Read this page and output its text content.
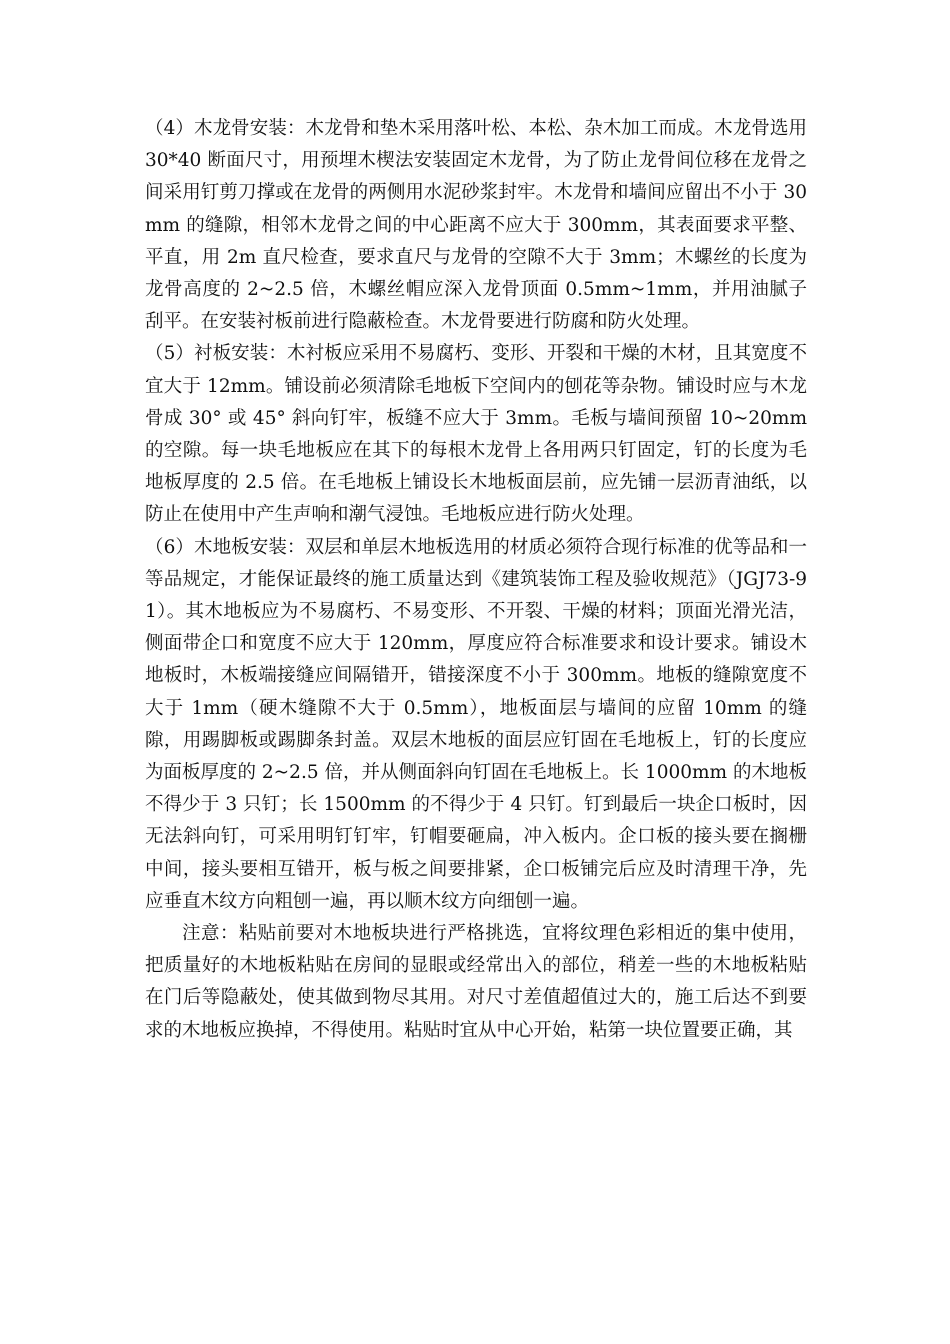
（4）木龙骨安装：木龙骨和垫木采用落叶松、本松、杂木加工而成。木龙骨选用 30*40 断面尺寸，用预埋木楔法安装固定木龙骨，为了防止龙骨间位移在龙骨之间采用钉剪刀撑或在龙骨的两侧用水泥砂浆封牢。木龙骨和墙间应留出不小于 30mm 的缝隙，相邻木龙骨之间的中心距离不应大于 300mm，其表面要求平整、平直，用 2m 直尺检查，要求直尺与龙骨的空隙不大于 3mm；木螺丝的长度为龙骨高度的 2~2.5 倍，木螺丝帽应深入龙骨顶面 0.5mm~1mm，并用油腻子刮平。在安装衬板前进行隐蔽检查。木龙骨要进行防腐和防火处理。

（5）衬板安装：木衬板应采用不易腐朽、变形、开裂和干燥的木材，且其宽度不宜大于 12mm。铺设前必须清除毛地板下空间内的刨花等杂物。铺设时应与木龙骨成 30° 或 45° 斜向钉牢，板缝不应大于 3mm。毛板与墙间预留 10~20mm 的空隙。每一块毛地板应在其下的每根木龙骨上各用两只钉固定，钉的长度为毛地板厚度的 2.5 倍。在毛地板上铺设长木地板面层前，应先铺一层沥青油纸，以防止在使用中产生声响和潮气浸蚀。毛地板应进行防火处理。

（6）木地板安装：双层和单层木地板选用的材质必须符合现行标准的优等品和一等品规定，才能保证最终的施工质量达到《建筑装饰工程及验收规范》（JGJ73-91）。其木地板应为不易腐朽、不易变形、不开裂、干燥的材料；顶面光滑光洁，侧面带企口和宽度不应大于 120mm，厚度应符合标准要求和设计要求。铺设木地板时，木板端接缝应间隔错开，错接深度不小于 300mm。地板的缝隙宽度不大于 1mm（硬木缝隙不大于 0.5mm），地板面层与墙间的应留 10mm 的缝隙，用踢脚板或踢脚条封盖。双层木地板的面层应钉固在毛地板上，钉的长度应为面板厚度的 2~2.5 倍，并从侧面斜向钉固在毛地板上。长 1000mm 的木地板不得少于 3 只钉；长 1500mm 的不得少于 4 只钉。钉到最后一块企口板时，因无法斜向钉，可采用明钉钉牢，钉帽要砸扁，冲入板内。企口板的接头要在搁栅中间，接头要相互错开，板与板之间要排紧，企口板铺完后应及时清理干净，先应垂直木纹方向粗刨一遍，再以顺木纹方向细刨一遍。

注意：粘贴前要对木地板块进行严格挑选，宜将纹理色彩相近的集中使用，把质量好的木地板粘贴在房间的显眼或经常出入的部位，稍差一些的木地板粘贴在门后等隐蔽处，使其做到物尽其用。对尺寸差值超值过大的，施工后达不到要求的木地板应换掉，不得使用。粘贴时宜从中心开始，粘第一块位置要正确，其
